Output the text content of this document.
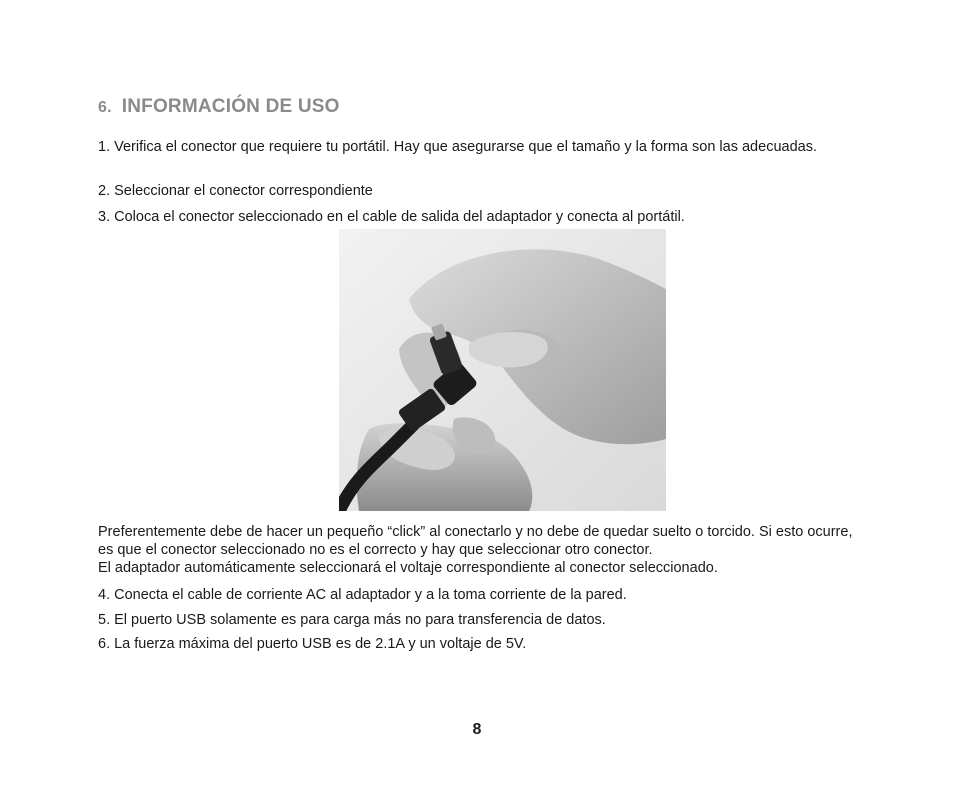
6. INFORMACIÓN DE USO

1. Verifica el conector que requiere tu portátil. Hay que asegurarse que el tamaño y la forma son las adecuadas.

2. Seleccionar el conector correspondiente

3. Coloca el conector seleccionado en el cable de salida del adaptador y conecta al portátil.

Preferentemente debe de hacer un pequeño “click” al conectarlo y no debe de quedar suelto o torcido. Si esto ocurre, es que el conector seleccionado no es el correcto y hay que seleccionar otro conector.
El adaptador automáticamente seleccionará el voltaje correspondiente al conector seleccionado.

4. Conecta el cable de corriente AC al adaptador y a la toma corriente de la pared.

5. El puerto USB solamente es para carga más no para transferencia de datos.

6. La fuerza máxima del puerto USB es de 2.1A y un voltaje de 5V.

8
